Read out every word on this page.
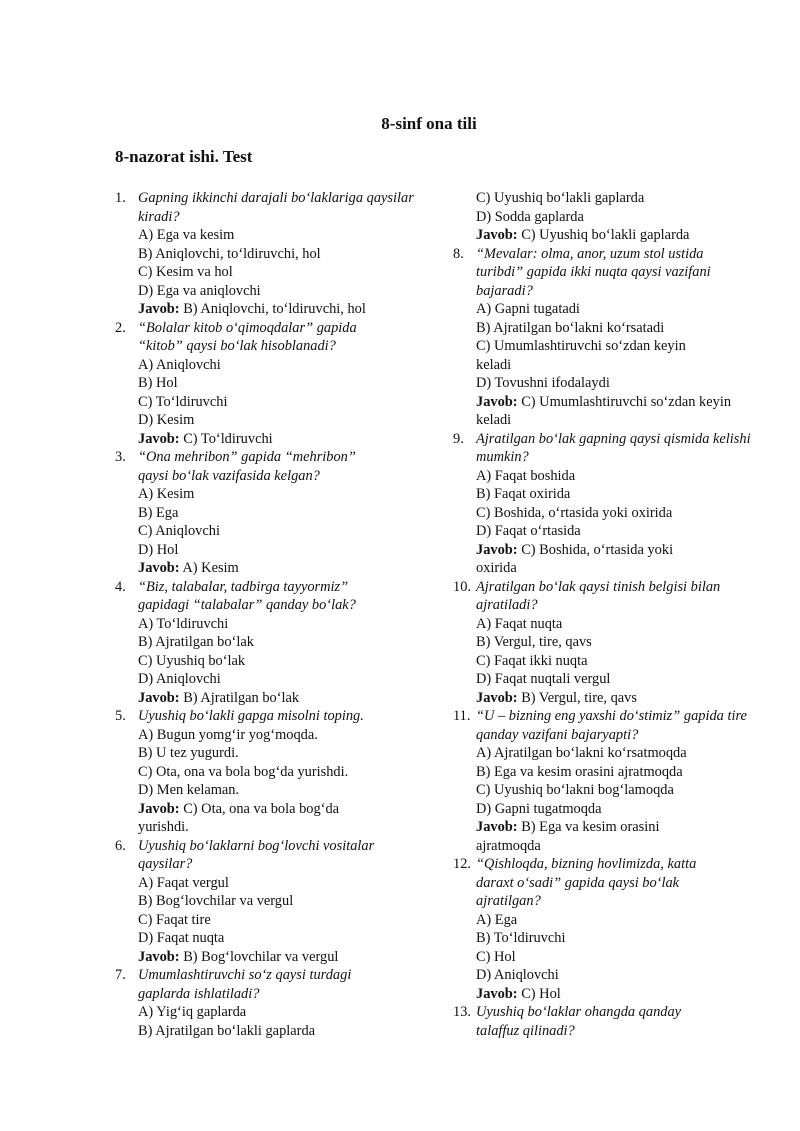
8-sinf ona tili
8-nazorat ishi. Test
1. Gapning ikkinchi darajali bo‘laklariga qaysilar kiradi?
A) Ega va kesim
B) Aniqlovchi, to‘ldiruvchi, hol
C) Kesim va hol
D) Ega va aniqlovchi
Javob: B) Aniqlovchi, to‘ldiruvchi, hol
2. “Bolalar kitob o‘qimoqdalar” gapida “kitob” qaysi bo‘lak hisoblanadi?
A) Aniqlovchi
B) Hol
C) To‘ldiruvchi
D) Kesim
Javob: C) To‘ldiruvchi
3. “Ona mehribon” gapida “mehribon” qaysi bo‘lak vazifasida kelgan?
A) Kesim
B) Ega
C) Aniqlovchi
D) Hol
Javob: A) Kesim
4. “Biz, talabalar, tadbirga tayyormiz” gapidagi “talabalar” qanday bo‘lak?
A) To‘ldiruvchi
B) Ajratilgan bo‘lak
C) Uyushiq bo‘lak
D) Aniqlovchi
Javob: B) Ajratilgan bo‘lak
5. Uyushiq bo‘lakli gapga misolni toping.
A) Bugun yomg‘ir yog‘moqda.
B) U tez yugurdi.
C) Ota, ona va bola bog‘da yurishdi.
D) Men kelaman.
Javob: C) Ota, ona va bola bog‘da yurishdi.
6. Uyushiq bo‘laklarni bog‘lovchi vositalar qaysilar?
A) Faqat vergul
B) Bog‘lovchilar va vergul
C) Faqat tire
D) Faqat nuqta
Javob: B) Bog‘lovchilar va vergul
7. Umumlashtiruvchi so‘z qaysi turdagi gaplarda ishlatiladi?
A) Yig‘iq gaplarda
B) Ajratilgan bo‘lakli gaplarda
C) Uyushiq bo‘lakli gaplarda
D) Sodda gaplarda
Javob: C) Uyushiq bo‘lakli gaplarda
8. “Mevalar: olma, anor, uzum stol ustida turibdi” gapida ikki nuqta qaysi vazifani bajaradi?
A) Gapni tugatadi
B) Ajratilgan bo‘lakni ko‘rsatadi
C) Umumlashtiruvchi so‘zdan keyin keladi
D) Tovushni ifodalaydi
Javob: C) Umumlashtiruvchi so‘zdan keyin keladi
9. Ajratilgan bo‘lak gapning qaysi qismida kelishi mumkin?
A) Faqat boshida
B) Faqat oxirida
C) Boshida, o‘rtasida yoki oxirida
D) Faqat o‘rtasida
Javob: C) Boshida, o‘rtasida yoki oxirida
10. Ajratilgan bo‘lak qaysi tinish belgisi bilan ajratiladi?
A) Faqat nuqta
B) Vergul, tire, qavs
C) Faqat ikki nuqta
D) Faqat nuqtali vergul
Javob: B) Vergul, tire, qavs
11. “U – bizning eng yaxshi do‘stimiz” gapida tire qanday vazifani bajaryapti?
A) Ajratilgan bo‘lakni ko‘rsatmoqda
B) Ega va kesim orasini ajratmoqda
C) Uyushiq bo‘lakni bog‘lamoqda
D) Gapni tugatmoqda
Javob: B) Ega va kesim orasini ajratmoqda
12. “Qishloqda, bizning hovlimizda, katta daraxt o‘sadi” gapida qaysi bo‘lak ajratilgan?
A) Ega
B) To‘ldiruvchi
C) Hol
D) Aniqlovchi
Javob: C) Hol
13. Uyushiq bo‘laklar ohangda qanday talaffuz qilinadi?
